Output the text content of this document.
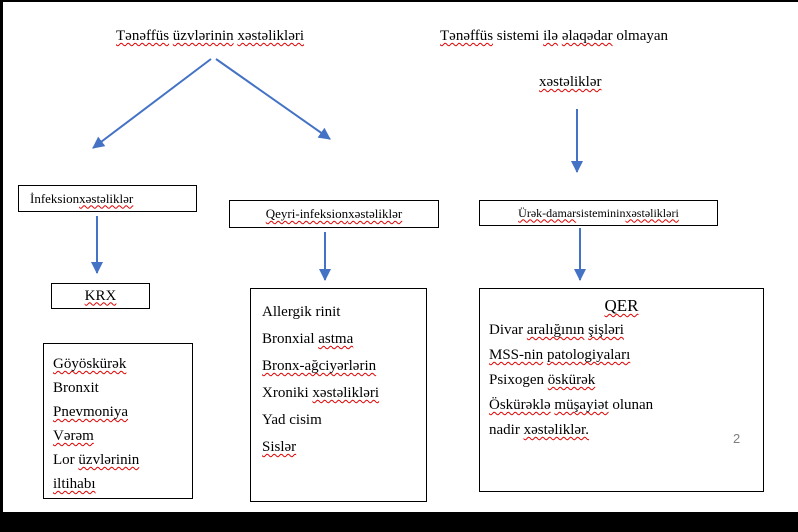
Tənəffüs üzvlərinin xəstəlikləri	Tənəffüs sistemi ilə əlaqədar olmayan
xəstəliklər
İnfeksion xəstəliklər
Qeyri-infeksion xəstəliklər	Ürək-damar sisteminin xəstəlikləri
KRX
Göyöskürək
Bronxit
Pnevmoniya
Vərəm
Lor üzvlərinin
iltihabı
Allergik rinit
Bronxial astma
Bronx-ağciyərlərin
Xroniki xəstəlikləri
Yad cisim
Sislər
QER
Divar aralığının şişləri
MSS-nin patologiyaları
Psixogen öskürək
Öskürəklə müşayiət olunan
nadir xəstəliklər.
2
